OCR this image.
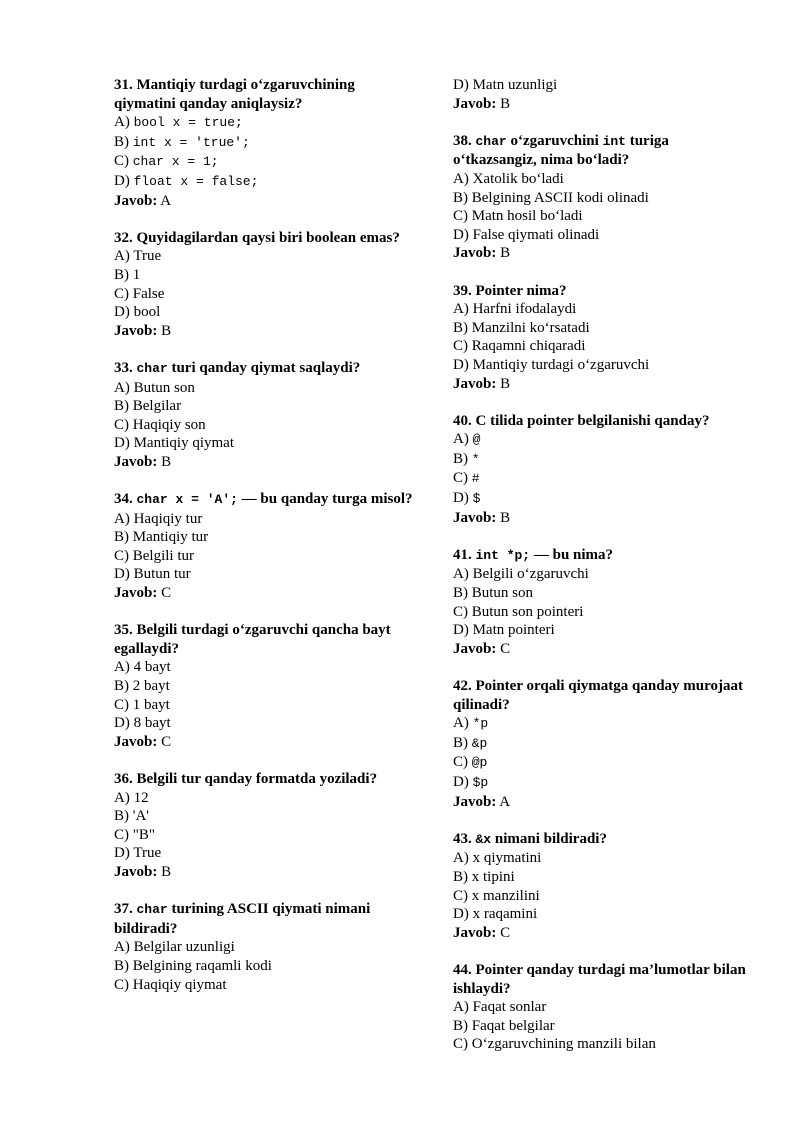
31. Mantiqiy turdagi o‘zgaruvchining qiymatini qanday aniqlaysiz?
A) bool x = true;
B) int x = 'true';
C) char x = 1;
D) float x = false;
Javob: A
32. Quyidagilardan qaysi biri boolean emas?
A) True
B) 1
C) False
D) bool
Javob: B
33. char turi qanday qiymat saqlaydi?
A) Butun son
B) Belgilar
C) Haqiqiy son
D) Mantiqiy qiymat
Javob: B
34. char x = 'A'; — bu qanday turga misol?
A) Haqiqiy tur
B) Mantiqiy tur
C) Belgili tur
D) Butun tur
Javob: C
35. Belgili turdagi o‘zgaruvchi qancha bayt egallaydi?
A) 4 bayt
B) 2 bayt
C) 1 bayt
D) 8 bayt
Javob: C
36. Belgili tur qanday formatda yoziladi?
A) 12
B) 'A'
C) "B"
D) True
Javob: B
37. char turining ASCII qiymati nimani bildiradi?
A) Belgilar uzunligi
B) Belgining raqamli kodi
C) Haqiqiy qiymat
D) Matn uzunligi
Javob: B
38. char o‘zgaruvchini int turiga o‘tkazsangiz, nima bo‘ladi?
A) Xatolik bo‘ladi
B) Belgining ASCII kodi olinadi
C) Matn hosil bo‘ladi
D) False qiymati olinadi
Javob: B
39. Pointer nima?
A) Harfni ifodalaydi
B) Manzilni ko‘rsatadi
C) Raqamni chiqaradi
D) Mantiqiy turdagi o‘zgaruvchi
Javob: B
40. C tilida pointer belgilanishi qanday?
A) @
B) *
C) #
D) $
Javob: B
41. int *p; — bu nima?
A) Belgili o‘zgaruvchi
B) Butun son
C) Butun son pointeri
D) Matn pointeri
Javob: C
42. Pointer orqali qiymatga qanday murojaat qilinadi?
A) *p
B) &p
C) @p
D) $p
Javob: A
43. &x nimani bildiradi?
A) x qiymatini
B) x tipini
C) x manzilini
D) x raqamini
Javob: C
44. Pointer qanday turdagi ma’lumotlar bilan ishlaydi?
A) Faqat sonlar
B) Faqat belgilar
C) O‘zgaruvchining manzili bilan
